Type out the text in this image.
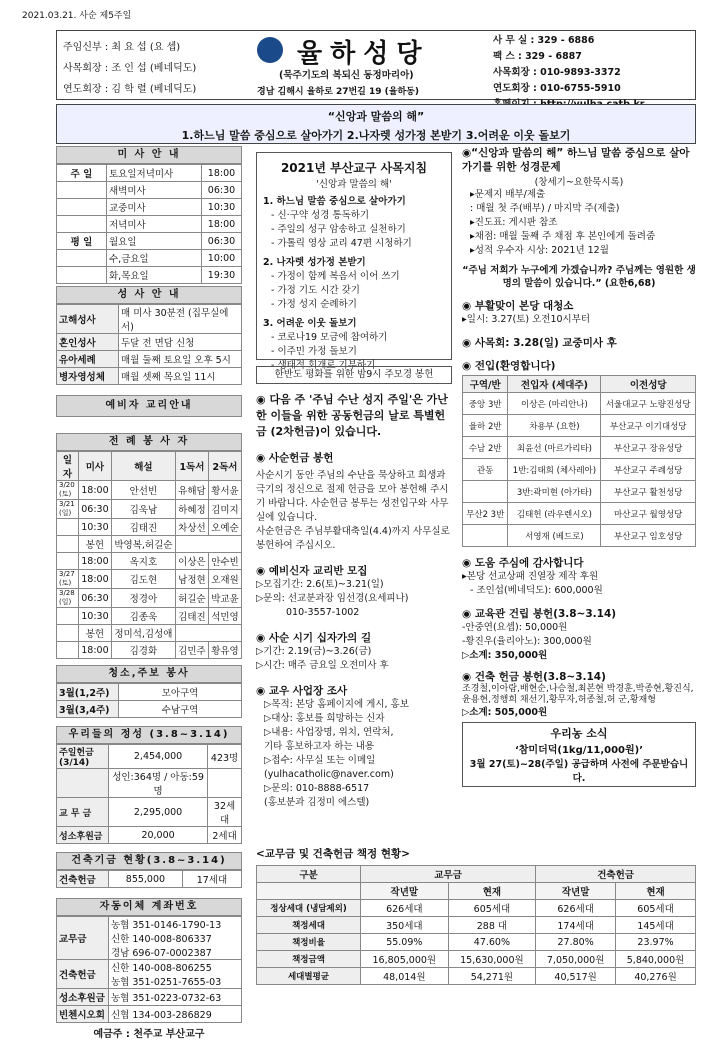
2021.03.21. 사순 제5주일
주임신부 : 최 요 섭 (요 셉)
사목회장 : 조 인 섭 (베네딕도)
연도회장 : 김 학 렬 (베네딕도)
율하성당
(묵주기도의 복되신 동정마리아)
경남 김해시 율하로 27번길 19 (율하동)
사 무 실 : 329 - 6886
팩 스 : 329 - 6887
사목회장 : 010-9893-3372
연도회장 : 010-6755-5910
“신앙과 말씀의 해”
1.하느님 말씀 중심으로 살아가기 2.나자렛 성가정 본받기 3.어려운 이웃 돌보기
미 사 안 내
주 일	토요일저녁미사	18:00
	새벽미사	06:30
	교중미사	10:30
	저녁미사	18:00
평 일	월요일	06:30
	수,금요일	10:00
	화,목요일	19:30
성 사 안 내
고해성사	매 미사 30분전 (집무실에서)
혼인성사	두달 전 면담 신청
유아세례	매월 둘째 토요일 오후 5시
병자영성체	매월 셋째 목요일 11시
예비자 교리안내
전 례 봉 사 자
일자	미사	해설	1독서	2독서
3/20 (토)	18:00	안선빈	유해담	황서윤
3/21 (일)	06:30	김욱남	하혜정	김미지
	10:30	김태진	차상선	오예순
	봉헌	박영복,허길순		
	18:00	옥지호	이상은	안수빈
3/27 (토)	18:00	김도현	남정현	오재원
3/28 (일)	06:30	정경아	허길순	박교윤
	10:30	김종욱	김태진	석민영
	봉헌	정미석,김성애		
	18:00	김경화	김민주	황유영
청소,주보 봉사
3월(1,2주)	모아구역
3월(3,4주)	수남구역
우리들의 정성 (3.8~3.14)
주일헌금 (3/14)	2,454,000	423명
	성인:364명 / 아동:59명	
교 무 금	2,295,000	32세대
성소후원금	20,000	2세대
건축기금 현황(3.8~3.14)
건축헌금	855,000	17세대
자동이체 계좌번호
교무금	농협 351-0146-1790-13
신한 140-008-806337
경남 696-07-0002387

건축헌금	신한 140-008-806255
농협 351-0251-7655-03

성소후원금	농협 351-0223-0732-63

빈첸시오회	신협 134-003-286829
예금주 : 천주교 부산교구
2021년 부산교구 사목지침
'신앙과 말씀의 해'
1. 하느님 말씀 중심으로 살아가기
- 신·구약 성경 통독하기
- 주일의 성구 암송하고 실천하기
- 가톨릭 영상 교리 47편 시청하기
2. 나자렛 성가정 본받기
- 가정이 함께 복음서 이어 쓰기
- 가정 기도 시간 갖기
- 가정 성지 순례하기
3. 어려운 이웃 돌보기
- 코로나19 모금에 참여하기
- 이주민 가정 돌보기
- 생태적 회개로 기부하기
한반도 평화를 위한 밤9시 주모경 봉헌
◉ 다음 주 '주님 수난 성지 주일'은 가난한 이들을 위한 공동헌금의 날로 특별헌금 (2차헌금)이 있습니다.
◉ 사순헌금 봉헌
사순시기 동안 주님의 수난을 묵상하고 희생과 극기의 정신으로 절제 헌금을 모아 봉헌해 주시기 바랍니다. 사순헌금 봉투는 성전입구와 사무실에 있습니다.
사순헌금은 주님부활대축일(4.4)까지 사무실로 봉헌하여 주십시오.
◉ 예비신자 교리반 모집
▷모집기간: 2.6(토)~3.21(일)
▷문의: 선교분과장 임선경(요세피나)
010-3557-1002
◉ 사순 시기 십자가의 길
▷기간: 2.19(금)~3.26(금)
▷시간: 매주 금요일 오전미사 후
◉ 교우 사업장 조사
▷목적: 본당 홈페이지에 게시, 홍보
▷대상: 홍보를 희망하는 신자
▷내용: 사업장명, 위치, 연락처,
기타 홍보하고자 하는 내용
▷접수: 사무실 또는 이메일
(yulhacatholic@naver.com)
▷문의: 010-8888-6517
(홍보분과 김정미 에스텔)
◉“신앙과 말씀의 해” 하느님 말씀 중심으로 살아가기를 위한 성경문제
(창세기~요한묵시록)
▸문제지 배부/제출
: 매월 첫 주(배부) / 마지막 주(제출)
▸진도표: 게시판 참조
▸채점: 매월 둘째 주 채점 후 본인에게 돌려줌
▸성적 우수자 시상: 2021년 12월
“주님 저희가 누구에게 가겠습니까? 주님께는 영원한 생명의 말씀이 있습니다.” (요한6,68)
◉ 부활맞이 본당 대청소
▸일시: 3.27(토) 오전10시부터
◉ 사목회: 3.28(일) 교중미사 후
◉ 전입(환영합니다)
구역/반	전입자 (세대주)	이전성당
중앙 3반	이상은 (마리안나)	서울대교구 노량진성당
율하 2반	차용부 (요한)	부산교구 이기대성당
수남 2반	최윤선 (마르가리타)	부산교구 장유성당
관동	1반:김태희 (체사레아)	부산교구 주례성당
	3반:곽미현 (아가타)	부산교구 활천성당
무산2 3반	김태헌 (라우렌시오)	마산교구 월영성당
	서영재 (베드로)	부산교구 임호성당
◉ 도움 주심에 감사합니다
▸본당 선교상패 진열장 제작 후원
- 조인섭(베네딕도): 600,000원
◉ 교육관 건립 봉헌(3.8~3.14)
-안중연(요셉): 50,000원
-황진우(율리아노): 300,000원
▷소계: 350,000원
◉ 건축 헌금 봉헌(3.8~3.14)
조경철,이아람,배현순,나승철,최본현 박경훈,박종현,황진식,윤용현,정행희 채선기,황무자,허종철,허 군,황재형
▷소계: 505,000원
우리농 소식
‘참미더덕(1kg/11,000원)’
3월 27(토)~28(주일) 공급하며 사전에 주문받습니다.
<교무금 및 건축헌금 책정 현황>
구분	교무금		건축헌금	
	작년말	현재	작년말	현재
정상세대 (냉담제외)	626세대	605세대	626세대	605세대
책정세대	350세대	288 대	174세대	145세대
책정비율	55.09%	47.60%	27.80%	23.97%
책정금액	16,805,000원	15,630,000원	7,050,000원	5,840,000원
세대별평균	48,014원	54,271원	40,517원	40,276원
